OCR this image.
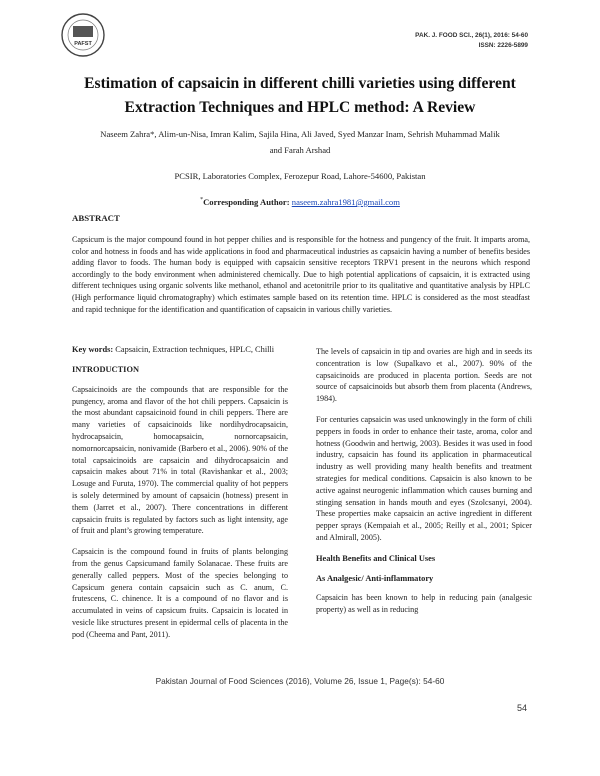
PAFST
PAK. J. FOOD SCI., 26(1), 2016: 54-60
ISSN: 2226-5899
Estimation of capsaicin in different chilli varieties using different
Extraction Techniques and HPLC method: A Review
Naseem Zahra*, Alim-un-Nisa, Imran Kalim, Sajila Hina, Ali Javed, Syed Manzar Inam, Sehrish Muhammad Malik
and Farah Arshad
PCSIR, Laboratories Complex, Ferozepur Road, Lahore-54600, Pakistan
*Corresponding Author: naseem.zahra1981@gmail.com
ABSTRACT
Capsicum is the major compound found in hot pepper chilies and is responsible for the hotness and pungency of the fruit. It imparts aroma, color and hotness in foods and has wide applications in food and pharmaceutical industries as capsaicin having a number of benefits besides adding flavor to foods. The human body is equipped with capsaicin sensitive receptors TRPV1 present in the neurons which respond accordingly to the body environment when administered chemically. Due to high potential applications of capsaicin, it is extracted using different techniques using organic solvents like methanol, ethanol and acetonitrile prior to its qualitative and quantitative analysis by HPLC (High performance liquid chromatography) which estimates sample based on its retention time. HPLC is considered as the most steadfast and rapid technique for the identification and quantification of capsaicin in various chilly varieties.
Key words: Capsaicin, Extraction techniques, HPLC, Chilli
INTRODUCTION

Capsaicinoids are the compounds that are responsible for the pungency, aroma and flavor of the hot chili peppers. Capsaicin is the most abundant capsaicinoid found in chili peppers. There are many varieties of capsaicinoids like nordihydrocapsaicin, hydrocapsaicin, homocapsaicin, nornorcapsaicin, nomornorcapsaicin, nonivamide (Barbero et al., 2006). 90% of the total capsaicinoids are capsaicin and dihydrocapsaicin and capsaicin makes about 71% in total (Ravishankar et al., 2003; Losuge and Furuta, 1970). The commercial quality of hot peppers is solely determined by amount of capsaicin (hotness) present in them (Jarret et al., 2007). There concentrations in different capsaicin fruits is regulated by factors such as light intensity, age of fruit and plant’s growing temperature.

Capsaicin is the compound found in fruits of plants belonging from the genus Capsicumand family Solanacae. These fruits are generally called peppers. Most of the species belonging to Capsicum genera contain capsaicin such as C. anum, C. frutescens, C. chinence. It is a compound of no flavor and is accumulated in veins of capsicum fruits. Capsaicin is located in vesicle like structures present in epidermal cells of placenta in the pod (Cheema and Pant, 2011).

The levels of capsaicin in tip and ovaries are high and in seeds its concentration is low (Supalkavo et al., 2007). 90% of the capsaicinoids are produced in placenta portion. Seeds are not source of capsaicinoids but absorb them from placenta (Andrews, 1984).

For centuries capsaicin was used unknowingly in the form of chili peppers in foods in order to enhance their taste, aroma, color and hotness (Goodwin and hertwig, 2003). Besides it was used in food industry, capsaicin has found its application in pharmaceutical industry as well providing many health benefits and treatment strategies for medical conditions. Capsaicin is also known to be active against neurogenic inflammation which causes burning and stinging sensation in hands mouth and eyes (Szolcsanyi, 2004). These properties make capsaicin an active ingredient in different pepper sprays (Kempaiah et al., 2005; Reilly et al., 2001; Spicer and Almirall, 2005).

Health Benefits and Clinical Uses
As Analgesic/ Anti-inflammatory

Capsaicin has been known to help in reducing pain (analgesic property) as well as in reducing

Pakistan Journal of Food Sciences (2016), Volume 26, Issue 1, Page(s): 54-60
54
